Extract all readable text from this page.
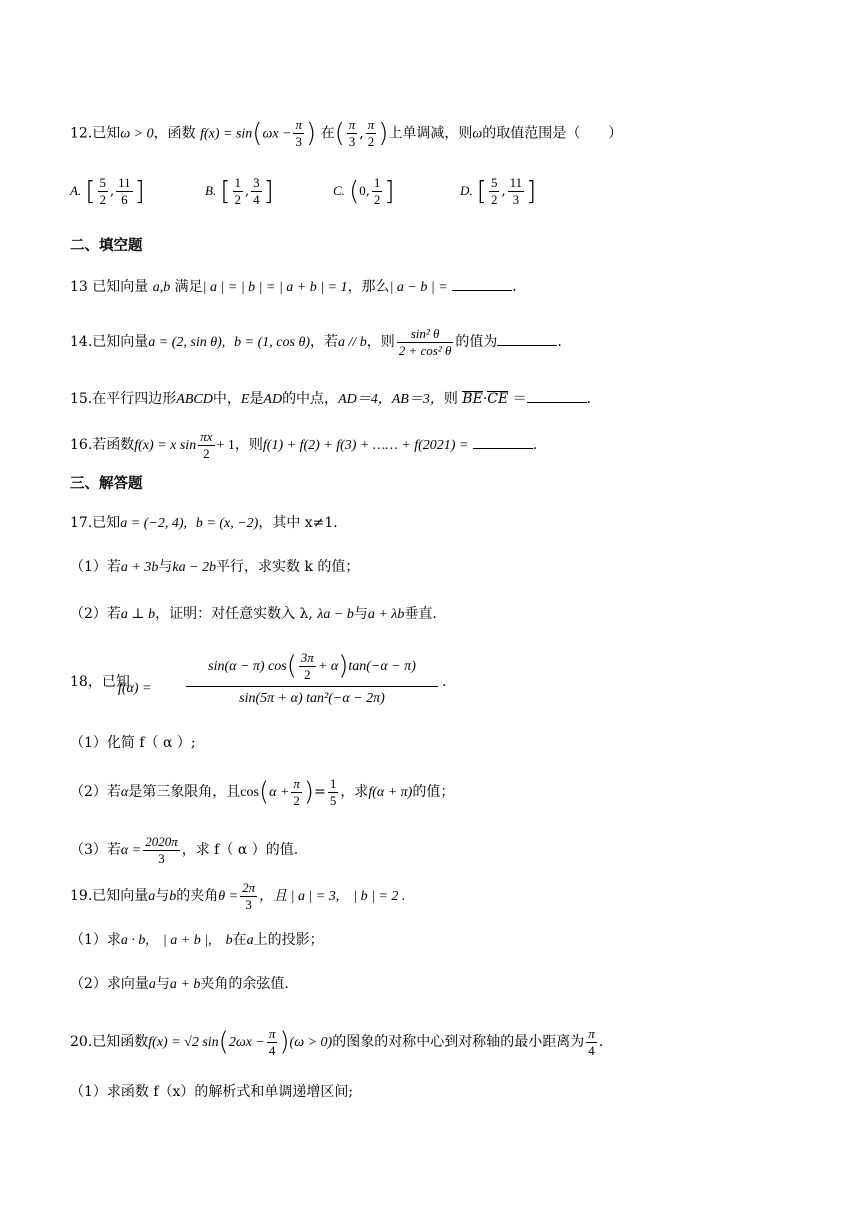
12.已知ω > 0，函数 $f(x) = \sin(\omega x - \frac{\pi}{3}$ ) 在( $\frac{\pi}{3}$ , $\frac{\pi}{2}$ )上单调减，则ω的取值范围是（　　）
A. [ $\frac{5}{2}$ , $\frac{11}{6}$ ]	B. [ $\frac{1}{2}$ , $\frac{3}{4}$ ]	C. (0, $\frac{1}{2}$ ]	D. [ $\frac{5}{2}$ , $\frac{11}{3}$ ]
二、填空题
13 已知向量 a,b 满足| a | = | b | = | a + b | = 1，那么| a − b | =	.
14.已知向量a = (2, sin θ), b = (1, cos θ)，若a // b，则 $\frac{\text{sin² θ}}{\text{2 + cos² θ}}$ 的值为	.
15.在平行四边形ABCD中，E是AD的中点，AD＝4，AB＝3，则 BE·CE ＝	.
16.若函数f(x) = x $\sin \frac{\pi x}{2} + 1$，则f(1) + f(2) + f(3) + …… + f(2021) =	.
三、解答题
17.已知a = (−2, 4), b = (x, −2)，其中 x≠1.
（1）若a + 3b与ka − 2b平行，求实数 k 的值；
（2）若a ⊥ b，证明：对任意实数入 λ, λa − b与a + λb垂直.
18，已知
$f(\alpha) = \frac{\sin(\alpha - \pi) \cos( \frac{3\pi}{2} + \alpha)\tan(-\alpha - \pi)}{\text{sin(5π + α) tan²(−α − 2π)}}$ .
（1）化简 f（ α ）;
（2）若α是第三象限角，且$\cos(\alpha + \frac{\pi}{2}$ )= $\frac{1}{5}$ ，求f(α + π)的值；
（3）若$\alpha = \frac{2020\pi}{3}$ ，求 f（ α ）的值.
19.已知向量a与b的夹角$\theta = \frac{2\pi}{3}$ ，且 | a | = 3,　| b | = 2 .
（1）求a · b,　| a + b |,　b在a上的投影；
（2）求向量a与a + b夹角的余弦值.
20.已知函数f(x) = √2 $\sin(2\omega x - \frac{\pi}{4} )(\omega > 0)$的图象的对称中心到对称轴的最小距离为 $\frac{\pi}{4}$ .
（1）求函数 f（x）的解析式和单调递增区间;
